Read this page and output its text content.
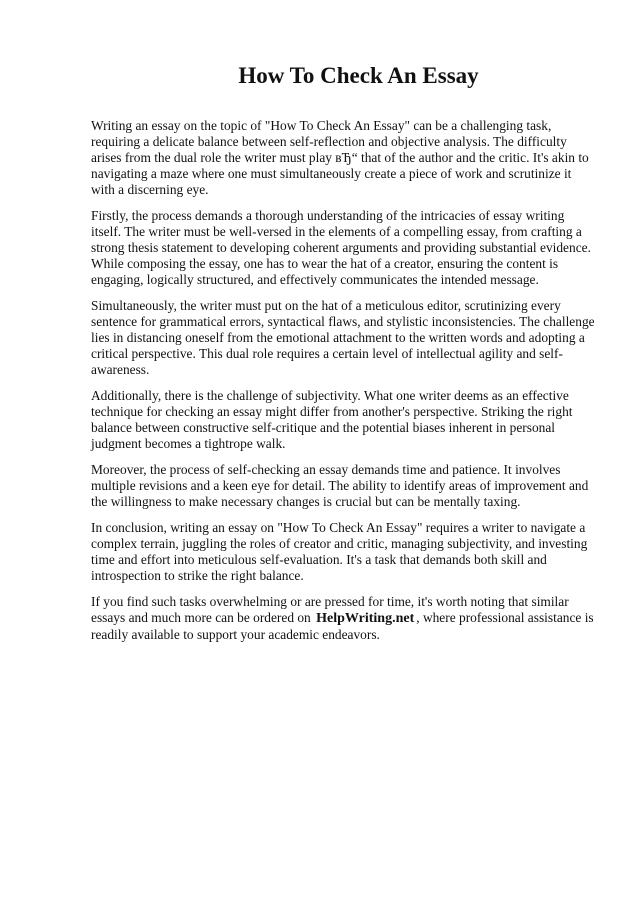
How To Check An Essay

Writing an essay on the topic of "How To Check An Essay" can be a challenging task, requiring a delicate balance between self-reflection and objective analysis. The difficulty arises from the dual role the writer must play вЂ“ that of the author and the critic. It's akin to navigating a maze where one must simultaneously create a piece of work and scrutinize it with a discerning eye.

Firstly, the process demands a thorough understanding of the intricacies of essay writing itself. The writer must be well-versed in the elements of a compelling essay, from crafting a strong thesis statement to developing coherent arguments and providing substantial evidence. While composing the essay, one has to wear the hat of a creator, ensuring the content is engaging, logically structured, and effectively communicates the intended message.

Simultaneously, the writer must put on the hat of a meticulous editor, scrutinizing every sentence for grammatical errors, syntactical flaws, and stylistic inconsistencies. The challenge lies in distancing oneself from the emotional attachment to the written words and adopting a critical perspective. This dual role requires a certain level of intellectual agility and self-awareness.

Additionally, there is the challenge of subjectivity. What one writer deems as an effective technique for checking an essay might differ from another's perspective. Striking the right balance between constructive self-critique and the potential biases inherent in personal judgment becomes a tightrope walk.

Moreover, the process of self-checking an essay demands time and patience. It involves multiple revisions and a keen eye for detail. The ability to identify areas of improvement and the willingness to make necessary changes is crucial but can be mentally taxing.

In conclusion, writing an essay on "How To Check An Essay" requires a writer to navigate a complex terrain, juggling the roles of creator and critic, managing subjectivity, and investing time and effort into meticulous self-evaluation. It's a task that demands both skill and introspection to strike the right balance.

If you find such tasks overwhelming or are pressed for time, it's worth noting that similar essays and much more can be ordered on HelpWriting.net , where professional assistance is readily available to support your academic endeavors.
